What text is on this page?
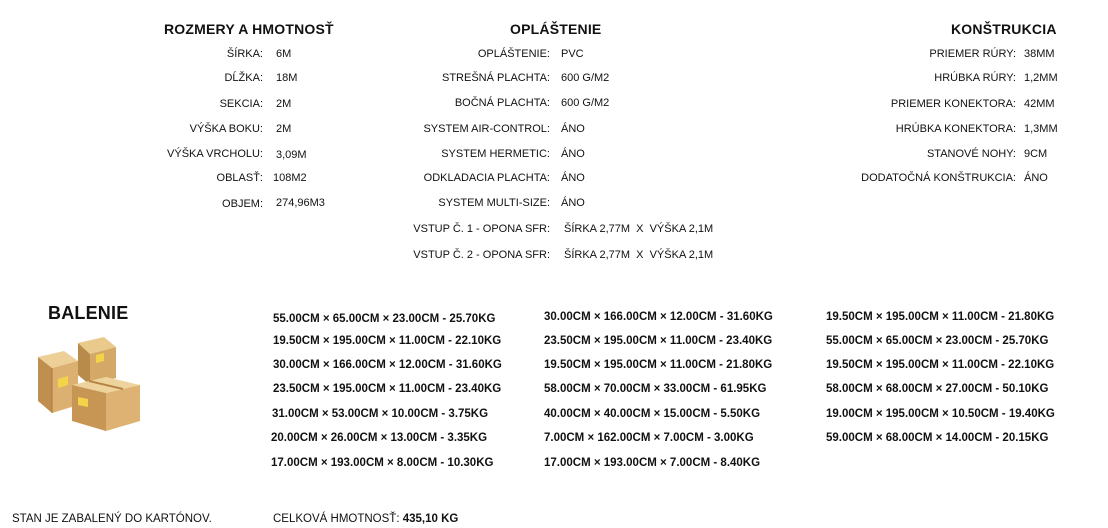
ROZMERY A HMOTNOSŤ	OPLÁŠTENIE	KONŠTRUKCIA
ŠÍRKA: 6M
DĹŽKA: 18M
SEKCIA: 2M
VÝŠKA BOKU: 2M
VÝŠKA VRCHOLU: 3,09M
OBLASŤ: 108M2
OBJEM: 274,96M3
OPLÁŠTENIE: PVC
STREŠNÁ PLACHTA: 600 G/M2
BOČNÁ PLACHTA: 600 G/M2
SYSTEM AIR-CONTROL: ÁNO
SYSTEM HERMETIC: ÁNO
ODKLADACIA PLACHTA: ÁNO
SYSTEM MULTI-SIZE: ÁNO
VSTUP Č. 1 - OPONA SFR: ŠÍRKA 2,77M  X  VÝŠKA 2,1M
VSTUP Č. 2 - OPONA SFR: ŠÍRKA 2,77M  X  VÝŠKA 2,1M
PRIEMER RÚRY: 38MM
HRÚBKA RÚRY: 1,2MM
PRIEMER KONEKTORA: 42MM
HRÚBKA KONEKTORA: 1,3MM
STANOVÉ NOHY: 9CM
DODATOČNÁ KONŠTRUKCIA: ÁNO
BALENIE	55.00CM × 65.00CM × 23.00CM - 25.70KG
19.50CM × 195.00CM × 11.00CM - 22.10KG
30.00CM × 166.00CM × 12.00CM - 31.60KG
23.50CM × 195.00CM × 11.00CM - 23.40KG
31.00CM × 53.00CM × 10.00CM - 3.75KG
20.00CM × 26.00CM × 13.00CM - 3.35KG
17.00CM × 193.00CM × 8.00CM - 10.30KG
30.00CM × 166.00CM × 12.00CM - 31.60KG
23.50CM × 195.00CM × 11.00CM - 23.40KG
19.50CM × 195.00CM × 11.00CM - 21.80KG
58.00CM × 70.00CM × 33.00CM - 61.95KG
40.00CM × 40.00CM × 15.00CM - 5.50KG
7.00CM × 162.00CM × 7.00CM - 3.00KG
17.00CM × 193.00CM × 7.00CM - 8.40KG
19.50CM × 195.00CM × 11.00CM - 21.80KG
55.00CM × 65.00CM × 23.00CM - 25.70KG
19.50CM × 195.00CM × 11.00CM - 22.10KG
58.00CM × 68.00CM × 27.00CM - 50.10KG
19.00CM × 195.00CM × 10.50CM - 19.40KG
59.00CM × 68.00CM × 14.00CM - 20.15KG
STAN JE ZABALENÝ DO KARTÓNOV.	CELKOVÁ HMOTNOSŤ: 435,10 KG
